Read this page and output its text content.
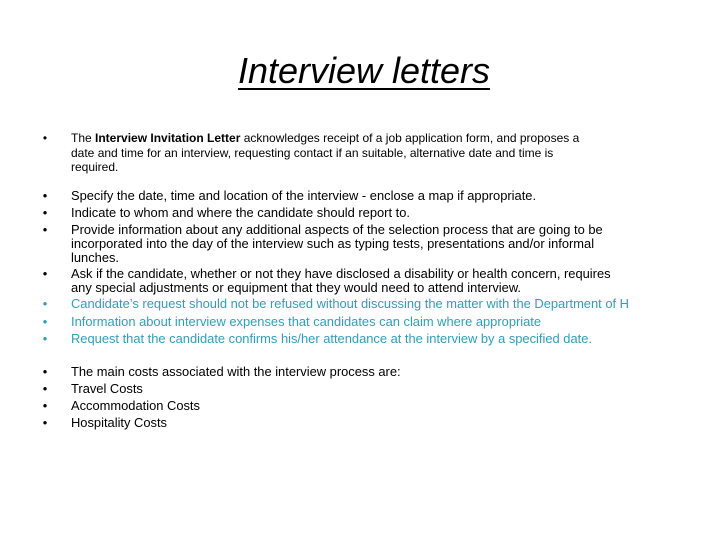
Interview letters
• The Interview Invitation Letter acknowledges receipt of a job application form, and proposes a
date and time for an interview, requesting contact if an suitable, alternative date and time is
required.
• Specify the date, time and location of the interview - enclose a map if appropriate.
• Indicate to whom and where the candidate should report to.
• Provide information about any additional aspects of the selection process that are going to be
incorporated into the day of the interview such as typing tests, presentations and/or informal
lunches.
• Ask if the candidate, whether or not they have disclosed a disability or health concern, requires
any special adjustments or equipment that they would need to attend interview.
• Candidate’s request should not be refused without discussing the matter with the Department of H
• Information about interview expenses that candidates can claim where appropriate
• Request that the candidate confirms his/her attendance at the interview by a specified date.
• The main costs associated with the interview process are:
• Travel Costs
• Accommodation Costs
• Hospitality Costs
